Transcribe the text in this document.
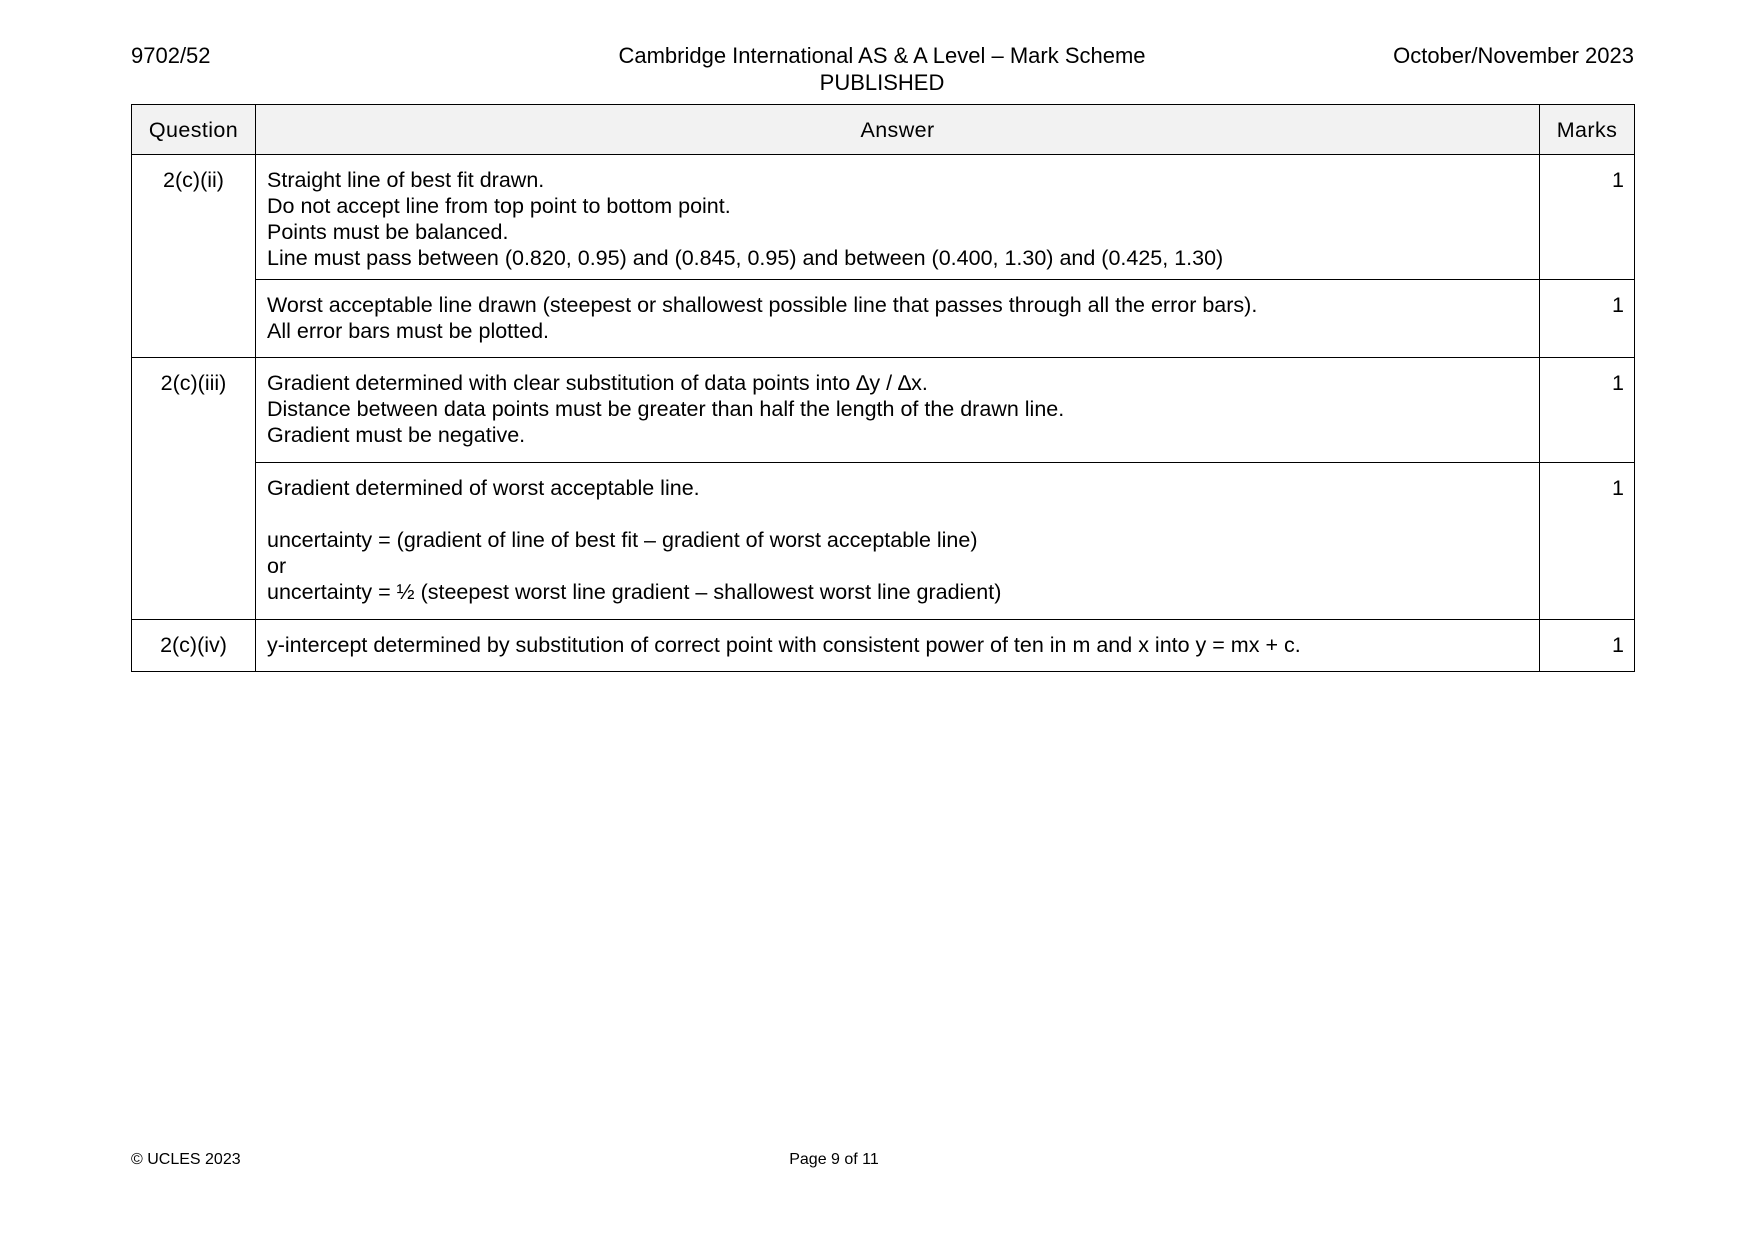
9702/52	Cambridge International AS & A Level – Mark Scheme
PUBLISHED
October/November 2023
Question	Answer	Marks
2(c)(ii)	Straight line of best fit drawn.
Do not accept line from top point to bottom point.
Points must be balanced.
Line must pass between (0.820, 0.95) and (0.845, 0.95) and between (0.400, 1.30) and (0.425, 1.30)	1

	Worst acceptable line drawn (steepest or shallowest possible line that passes through all the error bars).
All error bars must be plotted.	1
2(c)(iii)	Gradient determined with clear substitution of data points into ∆y / ∆x.
Distance between data points must be greater than half the length of the drawn line.
Gradient must be negative.	1

	Gradient determined of worst acceptable line.
uncertainty = (gradient of line of best fit – gradient of worst acceptable line)
or
uncertainty = ½ (steepest worst line gradient – shallowest worst line gradient)	1
2(c)(iv)	y-intercept determined by substitution of correct point with consistent power of ten in m and x into y = mx + c.	1
© UCLES 2023	Page 9 of 11
